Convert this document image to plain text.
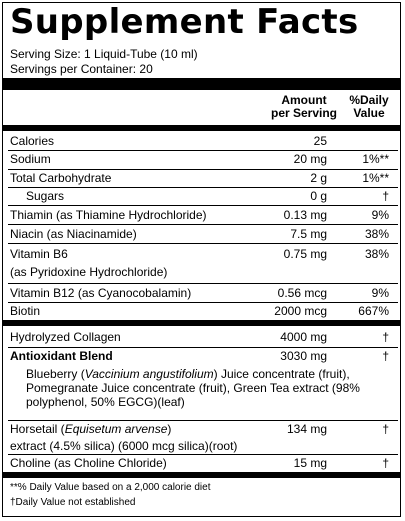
Supplement Facts
Serving Size: 1 Liquid-Tube (10 ml)
Servings per Container: 20
Amount
per Serving
%Daily
Value
Calories	25
Sodium	20 mg	1%**
Total Carbohydrate	2 g	1%**
Sugars	0 g	†
Thiamin (as Thiamine Hydrochloride)	0.13 mg	9%
Niacin (as Niacinamide)	7.5 mg	38%
Vitamin B6
(as Pyridoxine Hydrochloride)
0.75 mg	38%
Vitamin B12 (as Cyanocobalamin)	0.56 mcg	9%
Biotin	2000 mcg	667%
Hydrolyzed Collagen	4000 mg	†
Antioxidant Blend	3030 mg	†
Blueberry (Vaccinium angustifolium) Juice concentrate (fruit), Pomegranate Juice concentrate (fruit), Green Tea extract (98% polyphenol, 50% EGCG)(leaf)
Horsetail (Equisetum arvense)
extract (4.5% silica) (6000 mcg silica)(root)
134 mg	†
Choline (as Choline Chloride)	15 mg	†
**% Daily Value based on a 2,000 calorie diet
†Daily Value not established
